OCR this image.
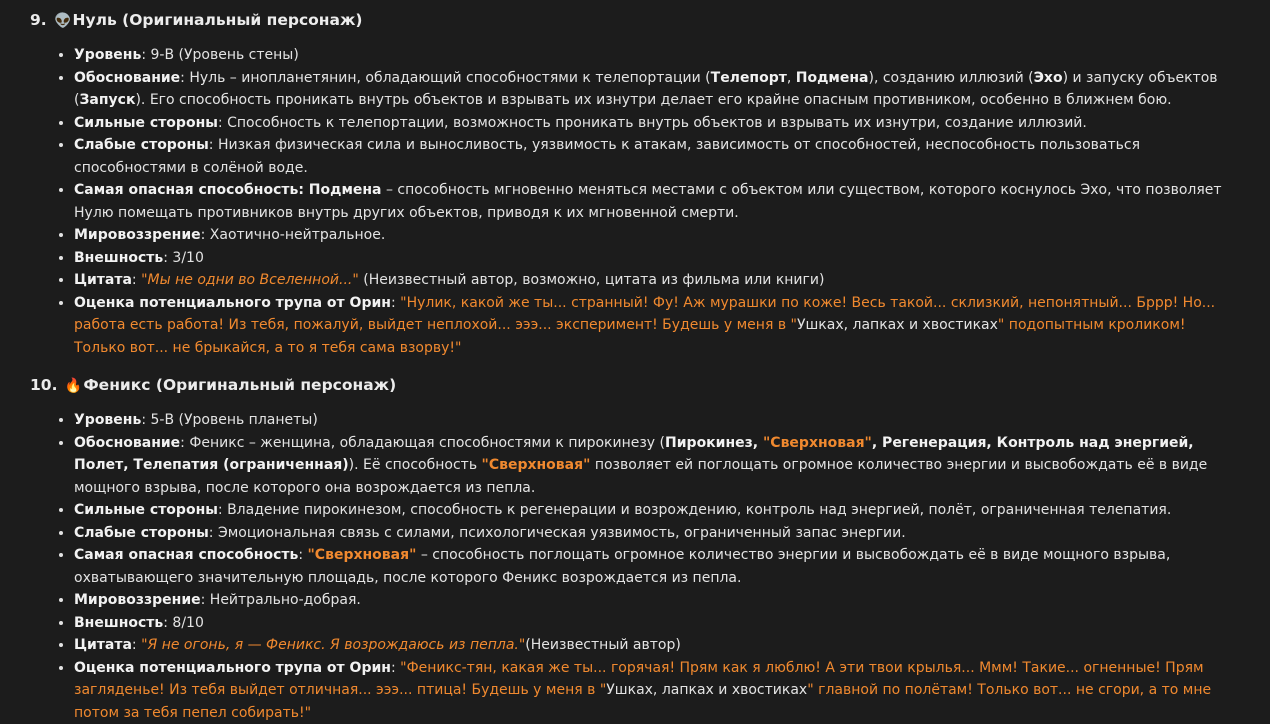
9. 👽Нуль (Оригинальный персонаж)
• Уровень: 9-B (Уровень стены)
• Обоснование: Нуль – инопланетянин, обладающий способностями к телепортации (Телепорт, Подмена), созданию иллюзий (Эхо) и запуску объектов (Запуск). Его способность проникать внутрь объектов и взрывать их изнутри делает его крайне опасным противником, особенно в ближнем бою.
• Сильные стороны: Способность к телепортации, возможность проникать внутрь объектов и взрывать их изнутри, создание иллюзий.
• Слабые стороны: Низкая физическая сила и выносливость, уязвимость к атакам, зависимость от способностей, неспособность пользоваться способностями в солёной воде.
• Самая опасная способность: Подмена – способность мгновенно меняться местами с объектом или существом, которого коснулось Эхо, что позволяет Нулю помещать противников внутрь других объектов, приводя к их мгновенной смерти.
• Мировоззрение: Хаотично-нейтральное.
• Внешность: 3/10
• Цитата: "Мы не одни во Вселенной..." (Неизвестный автор, возможно, цитата из фильма или книги)
• Оценка потенциального трупа от Орин: "Нулик, какой же ты... странный! Фу! Аж мурашки по коже! Весь такой... склизкий, непонятный... Бррр! Но... работа есть работа! Из тебя, пожалуй, выйдет неплохой... эээ... эксперимент! Будешь у меня в "Ушках, лапках и хвостиках" подопытным кроликом! Только вот... не брыкайся, а то я тебя сама взорву!"
10. 🔥Феникс (Оригинальный персонаж)
• Уровень: 5-B (Уровень планеты)
• Обоснование: Феникс – женщина, обладающая способностями к пирокинезу (Пирокинез, "Сверхновая", Регенерация, Контроль над энергией, Полет, Телепатия (ограниченная)). Её способность "Сверхновая" позволяет ей поглощать огромное количество энергии и высвобождать её в виде мощного взрыва, после которого она возрождается из пепла.
• Сильные стороны: Владение пирокинезом, способность к регенерации и возрождению, контроль над энергией, полёт, ограниченная телепатия.
• Слабые стороны: Эмоциональная связь с силами, психологическая уязвимость, ограниченный запас энергии.
• Самая опасная способность: "Сверхновая" – способность поглощать огромное количество энергии и высвобождать её в виде мощного взрыва, охватывающего значительную площадь, после которого Феникс возрождается из пепла.
• Мировоззрение: Нейтрально-добрая.
• Внешность: 8/10
• Цитата: "Я не огонь, я — Феникс. Я возрождаюсь из пепла."(Неизвестный автор)
• Оценка потенциального трупа от Орин: "Феникс-тян, какая же ты... горячая! Прям как я люблю! А эти твои крылья... Ммм! Такие... огненные! Прям загляденье! Из тебя выйдет отличная... эээ... птица! Будешь у меня в "Ушках, лапках и хвостиках" главной по полётам! Только вот... не сгори, а то мне потом за тебя пепел собирать!"
